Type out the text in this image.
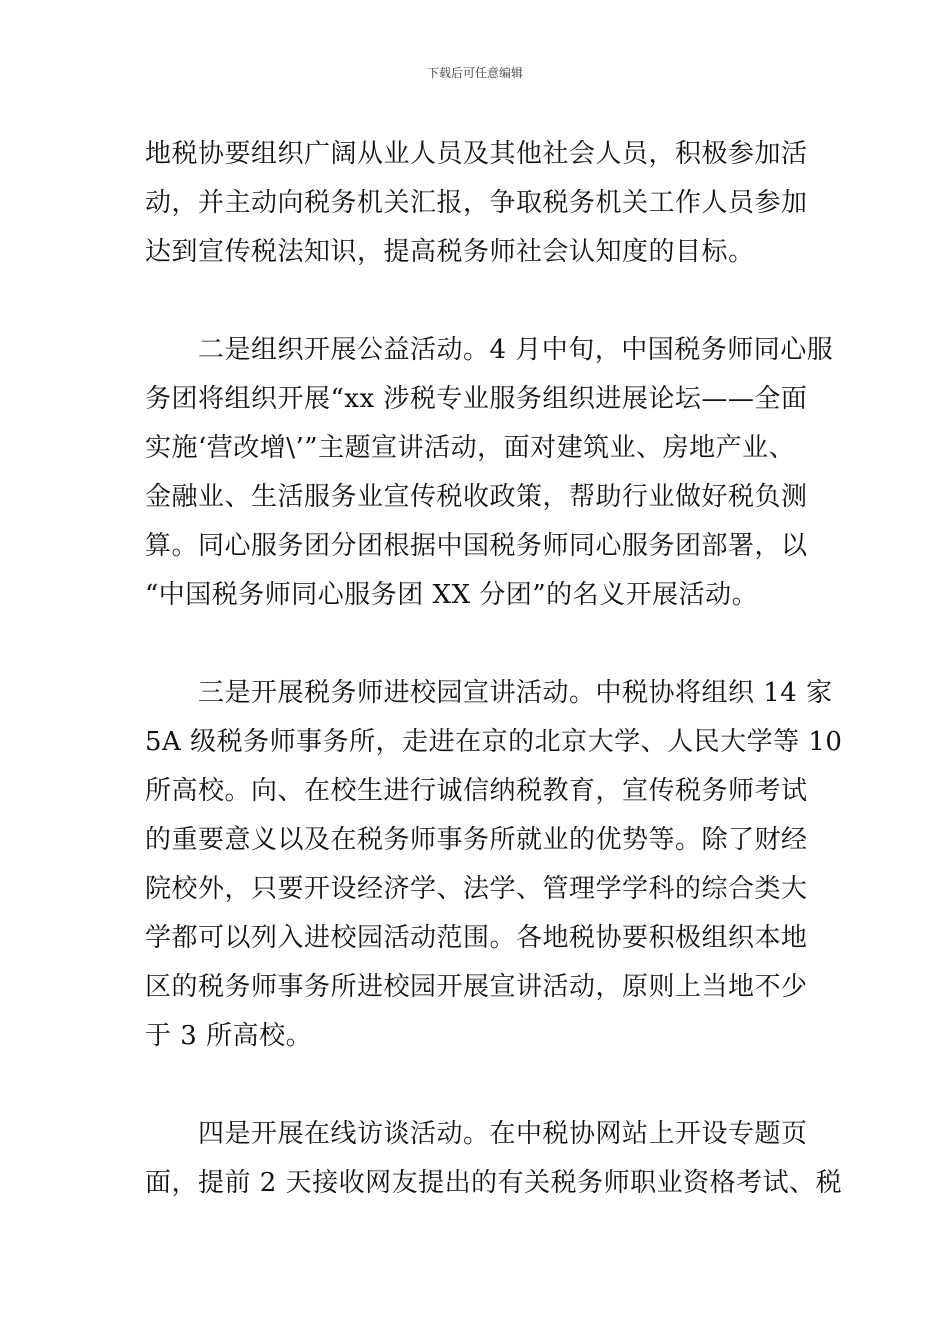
下载后可任意编辑
地税协要组织广阔从业人员及其他社会人员，积极参加活
动，并主动向税务机关汇报，争取税务机关工作人员参加
达到宣传税法知识，提高税务师社会认知度的目标。
　　二是组织开展公益活动。4 月中旬，中国税务师同心服
务团将组织开展“xx 涉税专业服务组织进展论坛——全面
实施‘营改增\’”主题宣讲活动，面对建筑业、房地产业、
金融业、生活服务业宣传税收政策，帮助行业做好税负测
算。同心服务团分团根据中国税务师同心服务团部署，以
“中国税务师同心服务团 XX 分团”的名义开展活动。
　　三是开展税务师进校园宣讲活动。中税协将组织 14 家
5A 级税务师事务所，走进在京的北京大学、人民大学等 10
所高校。向、在校生进行诚信纳税教育，宣传税务师考试
的重要意义以及在税务师事务所就业的优势等。除了财经
院校外，只要开设经济学、法学、管理学学科的综合类大
学都可以列入进校园活动范围。各地税协要积极组织本地
区的税务师事务所进校园开展宣讲活动，原则上当地不少
于 3 所高校。
　　四是开展在线访谈活动。在中税协网站上开设专题页
面，提前 2 天接收网友提出的有关税务师职业资格考试、税
